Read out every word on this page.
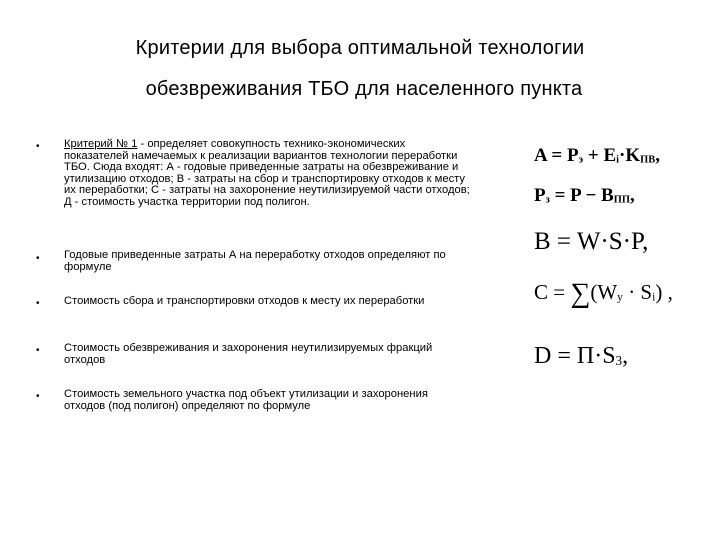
Критерии для выбора оптимальной технологии
обезвреживания ТБО для населенного пункта
• Критерий № 1 - определяет совокупность технико-экономических показателей намечаемых к реализации вариантов технологии переработки ТБО. Сюда входят: А - годовые приведенные затраты на обезвреживание и утилизацию отходов; В - затраты на сбор и транспортировку отходов к месту их переработки; С - затраты на захоронение неутилизируемой части отходов; Д - стоимость участка территории под полигон.
• Годовые приведенные затраты А на переработку отходов определяют по формуле
• Стоимость сбора и транспортировки отходов к месту их переработки
• Стоимость обезвреживания и захоронения неутилизируемых фракций отходов
• Стоимость земельного участка под объект утилизации и захоронения отходов (под полигон) определяют по формуле
A = Pэ + Ei·KПВ,
Pз = P − BПП,
B = W·S·P,
C = ∑(Wy · Si) ,
D = П·S3,
